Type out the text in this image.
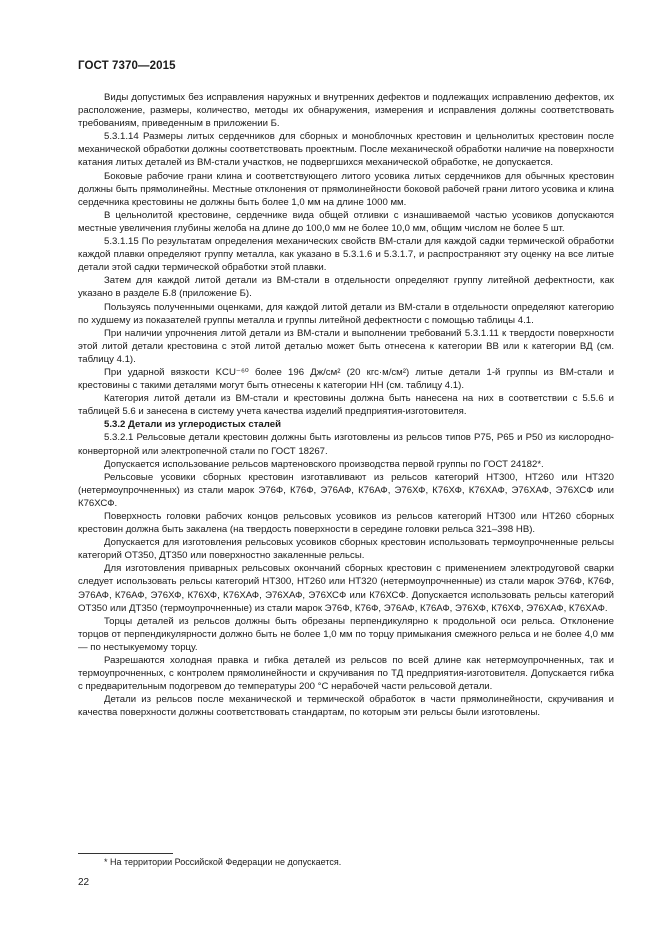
ГОСТ 7370—2015

Виды допустимых без исправления наружных и внутренних дефектов и подлежащих исправлению дефектов, их расположение, размеры, количество, методы их обнаружения, измерения и исправления должны соответствовать требованиям, приведенным в приложении Б.

5.3.1.14 Размеры литых сердечников для сборных и моноблочных крестовин и цельнолитых крестовин после механической обработки должны соответствовать проектным. После механической обработки наличие на поверхности катания литых деталей из ВМ-стали участков, не подвергшихся механической обработке, не допускается.

Боковые рабочие грани клина и соответствующего литого усовика литых сердечников для обычных крестовин должны быть прямолинейны. Местные отклонения от прямолинейности боковой рабочей грани литого усовика и клина сердечника крестовины не должны быть более 1,0 мм на длине 1000 мм.

В цельнолитой крестовине, сердечнике вида общей отливки с изнашиваемой частью усовиков допускаются местные увеличения глубины желоба на длине до 100,0 мм не более 10,0 мм, общим числом не более 5 шт.

5.3.1.15 По результатам определения механических свойств ВМ-стали для каждой садки термической обработки каждой плавки определяют группу металла, как указано в 5.3.1.6 и 5.3.1.7, и распространяют эту оценку на все литые детали этой садки термической обработки этой плавки.

Затем для каждой литой детали из ВМ-стали в отдельности определяют группу литейной дефектности, как указано в разделе Б.8 (приложение Б).

Пользуясь полученными оценками, для каждой литой детали из ВМ-стали в отдельности определяют категорию по худшему из показателей группы металла и группы литейной дефектности с помощью таблицы 4.1.

При наличии упрочнения литой детали из ВМ-стали и выполнении требований 5.3.1.11 к твердости поверхности этой литой детали крестовина с этой литой деталью может быть отнесена к категории ВВ или к категории ВД (см. таблицу 4.1).

При ударной вязкости KCU⁻⁶⁰ более 196 Дж/см² (20 кгс·м/см²) литые детали 1-й группы из ВМ-стали и крестовины с такими деталями могут быть отнесены к категории НН (см. таблицу 4.1).

Категория литой детали из ВМ-стали и крестовины должна быть нанесена на них в соответствии с 5.5.6 и таблицей 5.6 и занесена в систему учета качества изделий предприятия-изготовителя.

5.3.2 Детали из углеродистых сталей

5.3.2.1 Рельсовые детали крестовин должны быть изготовлены из рельсов типов Р75, Р65 и Р50 из кислородно-конверторной или электропечной стали по ГОСТ 18267.

Допускается использование рельсов мартеновского производства первой группы по ГОСТ 24182*.

Рельсовые усовики сборных крестовин изготавливают из рельсов категорий НТ300, НТ260 или НТ320 (нетермоупрочненных) из стали марок Э76Ф, К76Ф, Э76АФ, К76АФ, Э76ХФ, К76ХФ, К76ХАФ, Э76ХАФ, Э76ХСФ или К76ХСФ.

Поверхность головки рабочих концов рельсовых усовиков из рельсов категорий НТ300 или НТ260 сборных крестовин должна быть закалена (на твердость поверхности в середине головки рельса 321–398 НВ).

Допускается для изготовления рельсовых усовиков сборных крестовин использовать термоупрочненные рельсы категорий ОТ350, ДТ350 или поверхностно закаленные рельсы.

Для изготовления приварных рельсовых окончаний сборных крестовин с применением электродуговой сварки следует использовать рельсы категорий НТ300, НТ260 или НТ320 (нетермоупрочненные) из стали марок Э76Ф, К76Ф, Э76АФ, К76АФ, Э76ХФ, К76ХФ, К76ХАФ, Э76ХАФ, Э76ХСФ или К76ХСФ. Допускается использовать рельсы категорий ОТ350 или ДТ350 (термоупрочненные) из стали марок Э76Ф, К76Ф, Э76АФ, К76АФ, Э76ХФ, К76ХФ, Э76ХАФ, К76ХАФ.

Торцы деталей из рельсов должны быть обрезаны перпендикулярно к продольной оси рельса. Отклонение торцов от перпендикулярности должно быть не более 1,0 мм по торцу примыкания смежного рельса и не более 4,0 мм — по нестыкуемому торцу.

Разрешаются холодная правка и гибка деталей из рельсов по всей длине как нетермоупрочненных, так и термоупрочненных, с контролем прямолинейности и скручивания по ТД предприятия-изготовителя. Допускается гибка с предварительным подогревом до температуры 200 °С нерабочей части рельсовой детали.

Детали из рельсов после механической и термической обработок в части прямолинейности, скручивания и качества поверхности должны соответствовать стандартам, по которым эти рельсы были изготовлены.

* На территории Российской Федерации не допускается.
22
